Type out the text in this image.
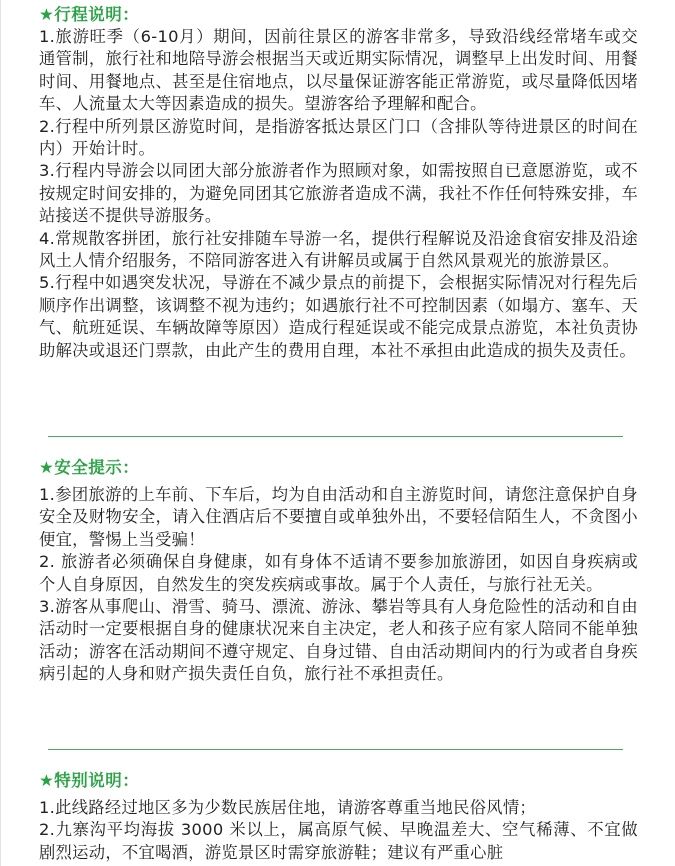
★行程说明：

1.旅游旺季（6-10月）期间，因前往景区的游客非常多，导致沿线经常堵车或交通管制，旅行社和地陪导游会根据当天或近期实际情况，调整早上出发时间、用餐时间、用餐地点、甚至是住宿地点，以尽量保证游客能正常游览，或尽量降低因堵车、人流量太大等因素造成的损失。望游客给予理解和配合。

2.行程中所列景区游览时间，是指游客抵达景区门口（含排队等待进景区的时间在内）开始计时。

3.行程内导游会以同团大部分旅游者作为照顾对象，如需按照自已意愿游览，或不按规定时间安排的，为避免同团其它旅游者造成不满，我社不作任何特殊安排，车站接送不提供导游服务。

4.常规散客拼团，旅行社安排随车导游一名，提供行程解说及沿途食宿安排及沿途风土人情介绍服务，不陪同游客进入有讲解员或属于自然风景观光的旅游景区。

5.行程中如遇突发状况，导游在不减少景点的前提下，会根据实际情况对行程先后顺序作出调整，该调整不视为违约；如遇旅行社不可控制因素（如塌方、塞车、天气、航班延误、车辆故障等原因）造成行程延误或不能完成景点游览，本社负责协助解决或退还门票款，由此产生的费用自理，本社不承担由此造成的损失及责任。

★安全提示：

1.参团旅游的上车前、下车后，均为自由活动和自主游览时间，请您注意保护自身安全及财物安全，请入住酒店后不要擅自或单独外出，不要轻信陌生人，不贪图小便宜，警惕上当受骗！

2. 旅游者必须确保自身健康，如有身体不适请不要参加旅游团，如因自身疾病或个人自身原因，自然发生的突发疾病或事故。属于个人责任，与旅行社无关。

3.游客从事爬山、滑雪、骑马、漂流、游泳、攀岩等具有人身危险性的活动和自由活动时一定要根据自身的健康状况来自主决定，老人和孩子应有家人陪同不能单独活动；游客在活动期间不遵守规定、自身过错、自由活动期间内的行为或者自身疾病引起的人身和财产损失责任自负，旅行社不承担责任。

★特别说明：

1.此线路经过地区多为少数民族居住地，请游客尊重当地民俗风情；

2.九寨沟平均海拔 3000 米以上，属高原气候、早晚温差大、空气稀薄、不宜做剧烈运动，不宜喝酒，游览景区时需穿旅游鞋；建议有严重心脏
